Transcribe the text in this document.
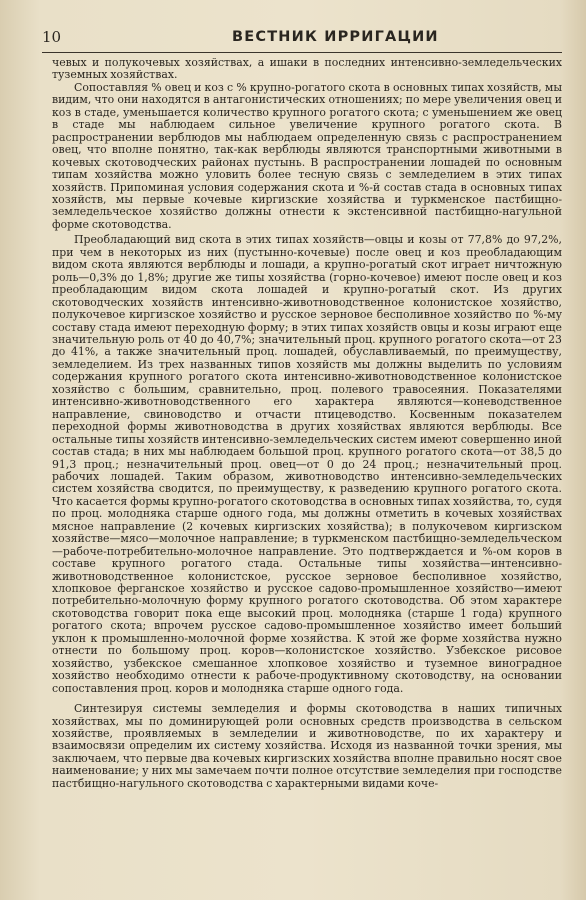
10	ВЕСТНИК ИРРИГАЦИИ

чевых и полукочевых хозяйствах, а ишаки в последних интенсивно-земледельческих туземных хозяйствах.

Сопоставляя % овец и коз с % крупно-рогатого скота в основных типах хозяйств, мы видим, что они находятся в антагонистических отношениях; по мере увеличения овец и коз в стаде, уменьшается количество крупного рогатого скота; с уменьшением же овец в стаде мы наблюдаем сильное увеличение крупного рогатого скота. В распространении верблюдов мы наблюдаем определенную связь с распространением овец, что вполне понятно, так-как верблюды являются транспортными животными в кочевых скотоводческих районах пустынь. В распространении лошадей по основным типам хозяйства можно уловить более тесную связь с земледелием в этих типах хозяйств. Припоминая условия содержания скота и %-й состав стада в основных типах хозяйств, мы первые кочевые киргизские хозяйства и туркменское пастбищно-земледельческое хозяйство должны отнести к экстенсивной пастбищно-нагульной форме скотоводства.

Преобладающий вид скота в этих типах хозяйств—овцы и козы от 77,8% до 97,2%, при чем в некоторых из них (пустынно-кочевые) после овец и коз преобладающим видом скота являются верблюды и лошади, а крупно-рогатый скот играет ничтожную роль—0,3% до 1,8%; другие же типы хозяйства (горно-кочевое) имеют после овец и коз преобладающим видом скота лошадей и крупно-рогатый скот. Из других скотоводческих хозяйств интенсивно-животноводственное колонистское хозяйство, полукочевое киргизское хозяйство и русское зерновое бесполивное хозяйство по %-му составу стада имеют переходную форму; в этих типах хозяйств овцы и козы играют еще значительную роль от 40 до 40,7%; значительный проц. крупного рогатого скота—от 23 до 41%, а также значительный проц. лошадей, обуславливаемый, по преимуществу, земледелием. Из трех названных типов хозяйств мы должны выделить по условиям содержания крупного рогатого скота интенсивно-животноводственное колонистское хозяйство с большим, сравнительно, проц. полевого травосеяния. Показателями интенсивно-животноводственного его характера являются—коневодственное направление, свиноводство и отчасти птицеводство. Косвенным показателем переходной формы животноводства в других хозяйствах являются верблюды. Все остальные типы хозяйств интенсивно-земледельческих систем имеют совершенно иной состав стада; в них мы наблюдаем большой проц. крупного рогатого скота—от 38,5 до 91,3 проц.; незначительный проц. овец—от 0 до 24 проц.; незначительный проц. рабочих лошадей. Таким образом, животноводство интенсивно-земледельческих систем хозяйства сводится, по преимуществу, к разведению крупного рогатого скота. Что касается формы крупно-рогатого скотоводства в основных типах хозяйства, то, судя по проц. молодняка старше одного года, мы должны отметить в кочевых хозяйствах мясное направление (2 кочевых киргизских хозяйства); в полукочевом киргизском хозяйстве—мясо—молочное направление; в туркменском пастбищно-земледельческом—рабоче-потребительно-молочное направление. Это подтверждается и %-ом коров в составе крупного рогатого стада. Остальные типы хозяйства—интенсивно-животноводственное колонистское, русское зерновое бесполивное хозяйство, хлопковое ферганское хозяйство и русское садово-промышленное хозяйство—имеют потребительно-молочную форму крупного рогатого скотоводства. Об этом характере скотоводства говорит пока еще высокий проц. молодняка (старше 1 года) крупного рогатого скота; впрочем русское садово-промышленное хозяйство имеет больший уклон к промышленно-молочной форме хозяйства. К этой же форме хозяйства нужно отнести по большому проц. коров—колонистское хозяйство. Узбекское рисовое хозяйство, узбекское смешанное хлопковое хозяйство и туземное виноградное хозяйство необходимо отнести к рабоче-продуктивному скотоводству, на основании сопоставления проц. коров и молодняка старше одного года.

Синтезируя системы земледелия и формы скотоводства в наших типичных хозяйствах, мы по доминирующей роли основных средств производства в сельском хозяйстве, проявляемых в земледелии и животноводстве, по их характеру и взаимосвязи определим их систему хозяйства. Исходя из названной точки зрения, мы заключаем, что первые два кочевых киргизских хозяйства вполне правильно носят свое наименование; у них мы замечаем почти полное отсутствие земледелия при господстве пастбищно-нагульного скотоводства с характерными видами коче-
